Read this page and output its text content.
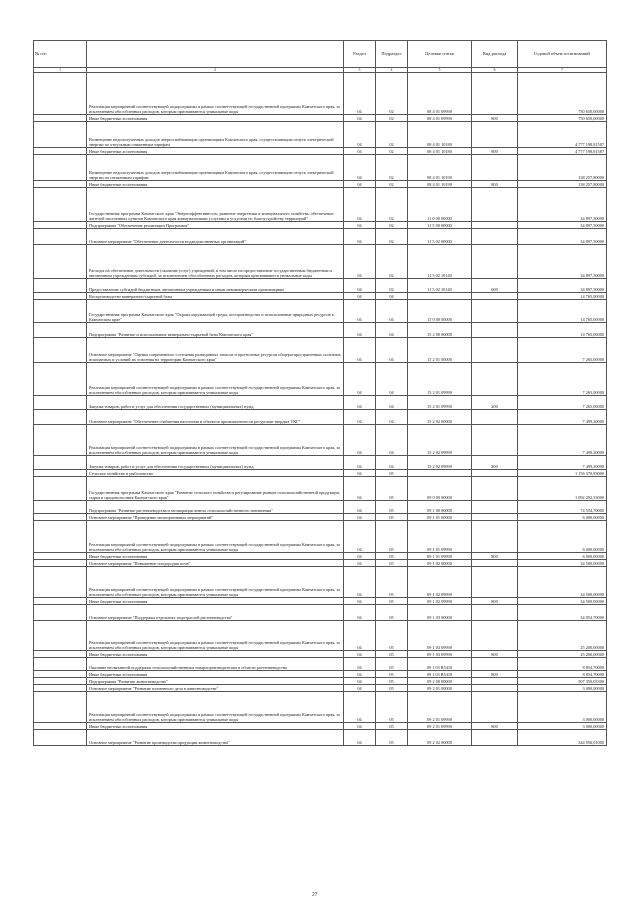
№ п/п		Раздел	Подраздел	Целевая статья	Вид расхода	Годовой объем ассигнований
1	2	3	4	5	6	7
	Реализация мероприятий соответствующей подпрограммы в рамках соответствующей государственной программы Камчатского края, за исключением обособленных расходов, которым присваиваются уникальные коды	04	02	08 4 01 09990		750 650,00000
	Иные бюджетные ассигнования	04	02	08 4 01 09990	800	750 650,00000
	Возмещение недополученных доходов энергоснабжающим организациям Камчатского края, осуществляющим отпуск электрической энергии по отпускным сниженным тарифам	04	02	08 4 01 10180		4 777 198,81587
	Иные бюджетные ассигнования	04	02	08 4 01 10180	800	4 777 198,81587
	Возмещение недополученных доходов энергоснабжающим организациям Камчатского края, осуществляющим отпуск электрической энергии по сниженным тарифам	04	02	08 4 01 10190		138 257,80000
	Иные бюджетные ассигнования	04	02	08 4 01 10190	800	138 257,80000
	Государственная программа Камчатского края "Энергоэффективность, развитие энергетики и коммунального хозяйства, обеспечение жителей населенных пунктов Камчатского края коммунальными услугами и услугами по благоустройству территорий"	04	02	11 0 00 00000		34 897,50000
	Подпрограмма "Обеспечение реализации Программы"	04	02	11 5 00 00000		34 897,50000
	Основное мероприятие "Обеспечение деятельности подведомственных организаций"	04	02	11 5 02 00000		34 897,50000
	Расходы на обеспечение деятельности (оказание услуг) учреждений, в том числе на предоставление государственным бюджетным и автономным учреждениям субсидий, за исключением обособленных расходов, которым присваиваются уникальные коды	04	02	11 5 02 10140		34 897,50000
	Предоставление субсидий бюджетным, автономным учреждениям и иным некоммерческим организациям	04	02	11 5 02 10140	600	34 897,50000
	Воспроизводство минерально-сырьевой базы	04	04			14 765,00000
	Государственная программа Камчатского края "Охрана окружающей среды, воспроизводство и использование природных ресурсов в Камчатском крае"	04	04	15 0 00 00000		14 765,00000
	Подпрограмма "Развитие и использование минерально-сырьевой базы Камчатского края"	04	04	15 2 00 00000		14 765,00000
	Основное мероприятие "Оценка современного состояния разведанных запасов и прогнозных ресурсов общераспространенных полезных ископаемых и условий их освоения на территории Камчатского края"	04	04	15 2 01 00000		7 265,00000
	Реализация мероприятий соответствующей подпрограммы в рамках соответствующей государственной программы Камчатского края, за исключением обособленных расходов, которым присваиваются уникальные коды	04	04	15 2 01 09990		7 265,00000
	Закупка товаров, работ и услуг для обеспечения государственных (муниципальных) нужд	04	04	15 2 01 09990	200	7 265,00000
	Основное мероприятие "Обеспечение снабжения населения и объектов промышленности ресурсами твердых ТКГ"	04	04	15 2 02 00000		7 499,20000
	Реализация мероприятий соответствующей подпрограммы в рамках соответствующей государственной программы Камчатского края, за исключением обособленных расходов, которым присваиваются уникальные коды	04	04	15 2 02 09990		7 499,20000
	Закупка товаров, работ и услуг для обеспечения государственных (муниципальных) нужд	04	04	15 2 02 09990	200	7 499,20000
	Сельское хозяйство и рыболовство	04	05			1 156 370,83000
	Государственная программа Камчатского края "Развитие сельского хозяйства и регулирование рынков сельскохозяйственной продукции, сырья и продовольствия Камчатского края"	04	05	09 0 00 00000		1 092 292,53000
	Подпрограмма "Развитие растениеводства и мелиорация земель сельскохозяйственного назначения"	04	05	09 1 00 00000		74 554,70000
	Основное мероприятие "Проведение мелиоративных мероприятий"	04	05	09 1 01 00000		6 000,00000
	Реализация мероприятий соответствующей подпрограммы в рамках соответствующей государственной программы Камчатского края, за исключением обособленных расходов, которым присваиваются уникальные коды	04	05	09 1 01 09990		6 000,00000
	Иные бюджетные ассигнования	04	05	09 1 01 09990	800	6 000,00000
	Основное мероприятие "Повышение плодородия почв"	04	05	09 1 02 00000		34 500,00000
	Реализация мероприятий соответствующей подпрограммы в рамках соответствующей государственной программы Камчатского края, за исключением обособленных расходов, которым присваиваются уникальные коды	04	05	09 1 02 09990		34 500,00000
	Иные бюджетные ассигнования	04	05	09 1 02 09990	800	34 500,00000
	Основное мероприятие "Поддержка отдельных подотраслей растениеводства"	04	05	09 1 03 00000		34 054,70000
	Реализация мероприятий соответствующей подпрограммы в рамках соответствующей государственной программы Камчатского края, за исключением обособленных расходов, которым присваиваются уникальные коды	04	05	09 1 03 09990		25 200,00000
	Иные бюджетные ассигнования	04	05	09 1 03 09990	800	25 200,00000
	Оказание несвязанной поддержки сельскохозяйственным товаропроизводителям в области растениеводства	04	05	09 1 03 R5410		8 854,70000
	Иные бюджетные ассигнования	04	05	09 1 03 R5410	800	8 854,70000
	Подпрограмма "Развитие животноводства"	04	05	09 2 00 00000		507 350,03300
	Основное мероприятие "Развитие племенного дела в животноводстве"	04	05	09 2 01 00000		3 000,00000
	Реализация мероприятий соответствующей подпрограммы в рамках соответствующей государственной программы Камчатского края, за исключением обособленных расходов, которым присваиваются уникальные коды	04	05	09 2 01 09990		3 000,00000
	Иные бюджетные ассигнования	04	05	09 2 01 09990	800	3 000,00000
	Основное мероприятие "Развитие производства продукции животноводства"	04	05	09 2 02 00000		344 956,01000
27
